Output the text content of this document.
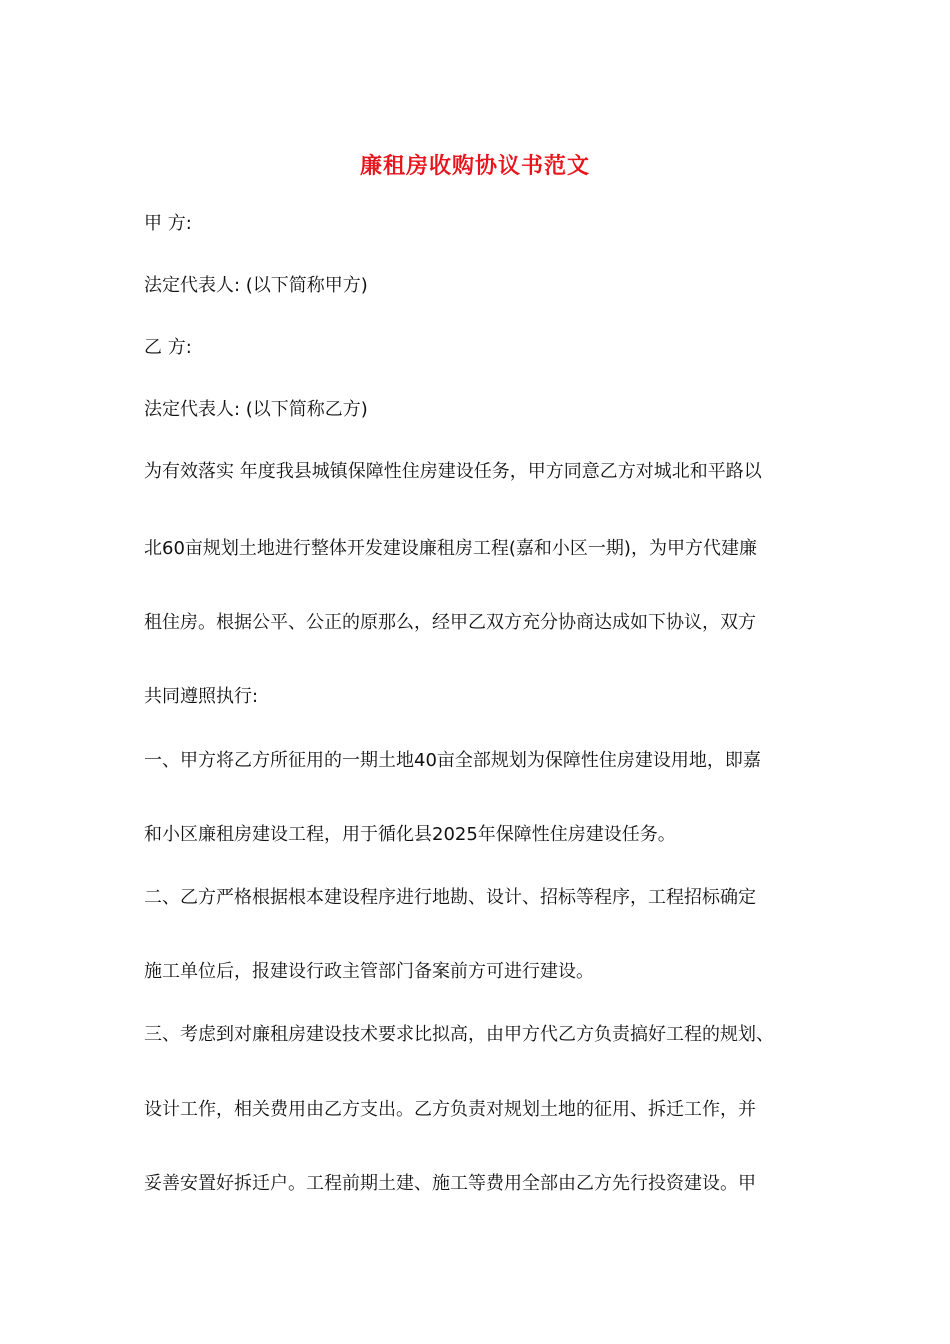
廉租房收购协议书范文
甲 方:
法定代表人: (以下简称甲方)
乙 方:
法定代表人: (以下简称乙方)
为有效落实 年度我县城镇保障性住房建设任务，甲方同意乙方对城北和平路以
北60亩规划土地进行整体开发建设廉租房工程(嘉和小区一期)，为甲方代建廉
租住房。根据公平、公正的原那么，经甲乙双方充分协商达成如下协议，双方
共同遵照执行:
一、甲方将乙方所征用的一期土地40亩全部规划为保障性住房建设用地，即嘉
和小区廉租房建设工程，用于循化县2025年保障性住房建设任务。
二、乙方严格根据根本建设程序进行地勘、设计、招标等程序，工程招标确定
施工单位后，报建设行政主管部门备案前方可进行建设。
三、考虑到对廉租房建设技术要求比拟高，由甲方代乙方负责搞好工程的规划、
设计工作，相关费用由乙方支出。乙方负责对规划土地的征用、拆迁工作，并
妥善安置好拆迁户。工程前期土建、施工等费用全部由乙方先行投资建设。甲
